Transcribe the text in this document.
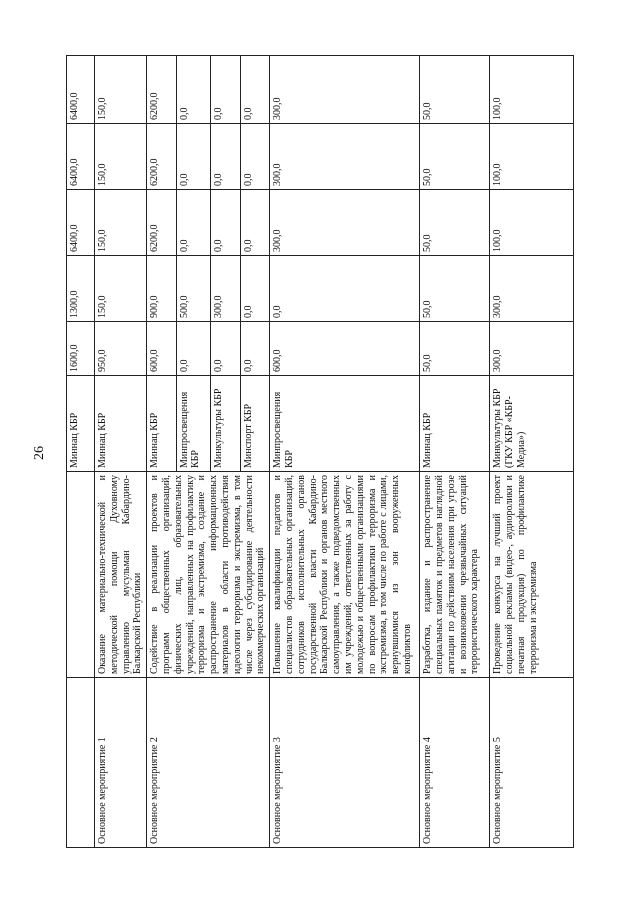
26
		Миннац КБР	1600,0	1300,0	6400,0	6400,0	6400,0
Основное мероприятие 1	Оказание материально-технической и методической помощи Духовному управлению мусульман Кабардино-Балкарской Республики	Миннац КБР	950,0	150,0	150,0	150,0	150,0
Основное мероприятие 2	Содействие в реализации проектов и программ общественных организаций, физических лиц, образовательных учреждений, направленных на профилактику терроризма и экстремизма, создание и распространение информационных материалов в области противодействия идеологии терроризма и экстремизма, в том числе через субсидирование деятельности некоммерческих организаций	Миннац КБР	600,0	900,0	6200,0	6200,0	6200,0
		Минпросвещения КБР	0,0	500,0	0,0	0,0	0,0
		Минкультуры КБР	0,0	300,0	0,0	0,0	0,0
		Минспорт КБР	0,0	0,0	0,0	0,0	0,0
Основное мероприятие 3	Повышение квалификации педагогов и специалистов образовательных организаций, сотрудников исполнительных органов государственной власти Кабардино-Балкарской Республики и органов местного самоуправления, а также подведомственных им учреждений, ответственных за работу с молодежью и общественными организациями по вопросам профилактики терроризма и экстремизма, в том числе по работе с лицами, вернувшимися из зон вооруженных конфликтов	Минпросвещения КБР	600,0	0,0	300,0	300,0	300,0
Основное мероприятие 4	Разработка, издание и распространение специальных памяток и предметов наглядной агитации по действиям населения при угрозе и возникновении чрезвычайных ситуаций террористического характера	Миннац КБР	50,0	50,0	50,0	50,0	50,0
Основное мероприятие 5	Проведение конкурса на лучший проект социальной рекламы (видео-, аудиоролики и печатная продукция) по профилактике терроризма и экстремизма	Минкультуры КБР (ГКУ КБР «КБР-Медиа»)	300,0	300,0	100,0	100,0	100,0
